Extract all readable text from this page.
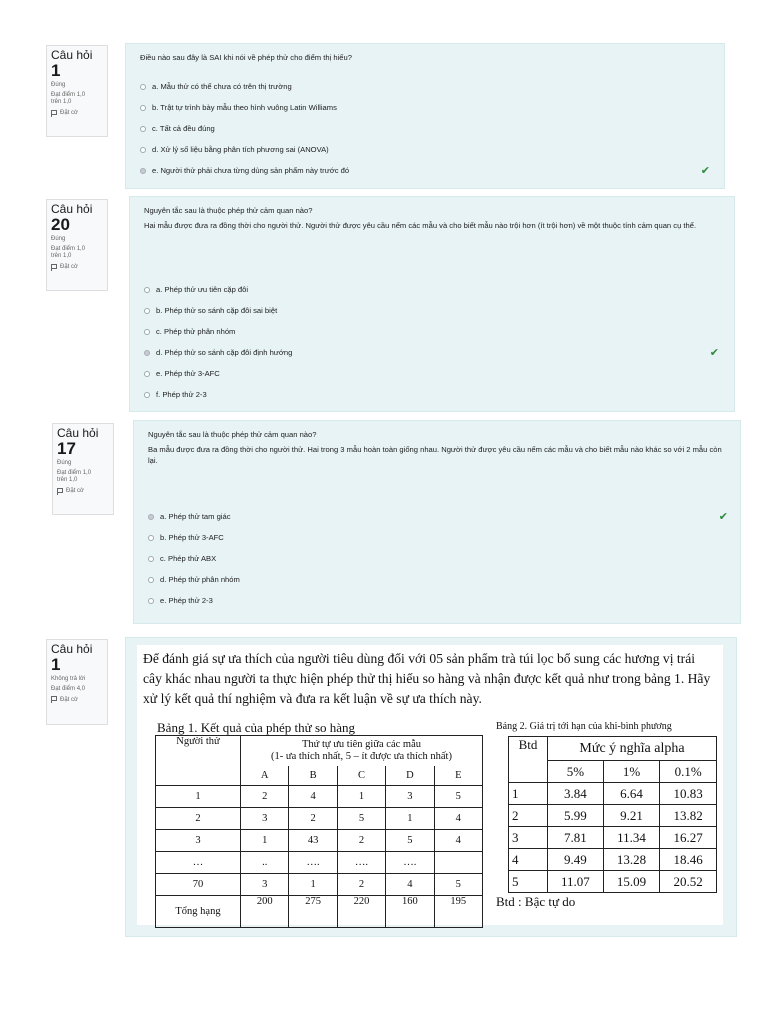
Câu hỏi
1
Đúng
Đạt điểm 1,0
trên 1,0
Đặt cờ

Điều nào sau đây là SAI khi nói về phép thử cho điểm thị hiếu?

a. Mẫu thử có thể chưa có trên thị trường
b. Trật tự trình bày mẫu theo hình vuông Latin Williams
c. Tất cả đều đúng
d. Xử lý số liệu bằng phân tích phương sai (ANOVA)
e. Người thử phải chưa từng dùng sản phẩm này trước đó	✔
Câu hỏi
20
Đúng
Đạt điểm 1,0
trên 1,0
Đặt cờ

Nguyên tắc sau là thuộc phép thử cảm quan nào?

Hai mẫu được đưa ra đồng thời cho người thử. Người thử được yêu cầu nếm các mẫu và cho biết mẫu nào trội hơn (ít trội hơn) về một thuộc tính cảm quan cụ thể.

a. Phép thử ưu tiên cặp đôi
b. Phép thử so sánh cặp đôi sai biệt
c. Phép thử phân nhóm
d. Phép thử so sánh cặp đôi định hướng	✔
e. Phép thử 3-AFC
f. Phép thử 2-3
Câu hỏi
17
Đúng
Đạt điểm 1,0
trên 1,0
Đặt cờ

Nguyên tắc sau là thuộc phép thử cảm quan nào?

Ba mẫu được đưa ra đồng thời cho người thử. Hai trong 3 mẫu hoàn toàn giống nhau. Người thử được yêu cầu nếm các mẫu và cho biết mẫu nào khác so với 2 mẫu còn lại.

a. Phép thử tam giác	✔
b. Phép thử 3-AFC
c. Phép thử ABX
d. Phép thử phân nhóm
e. Phép thử 2-3
Câu hỏi
1
Không trả lời
Đạt điểm 4,0
Đặt cờ

Để đánh giá sự ưa thích của người tiêu dùng đối với 05 sản phẩm trà túi lọc bổ sung các hương vị trái cây khác nhau người ta thực hiện phép thử thị hiếu so hàng và nhận được kết quả như trong bảng 1. Hãy xử lý kết quả thí nghiệm và đưa ra kết luận về sự ưa thích này.

Bảng 1. Kết quả của phép thử so hàng	Bảng 2. Giá trị tới hạn của khi-bình phương
Người thử	Thứ tự ưu tiên giữa các mẫu
(1- ưa thích nhất, 5 – ít được ưa thích nhất)				
	A	B	C	D	E
1	2	4	1	3	5
2	3	2	5	1	4
3	1	43	2	5	4
…	..	….	….	….	
70	3	1	2	4	5
Tổng hạng	200	275	220	160	195
Btd	Mức ý nghĩa alpha		
	5%	1%	0.1%
1	3.84	6.64	10.83
2	5.99	9.21	13.82
3	7.81	11.34	16.27
4	9.49	13.28	18.46
5	11.07	15.09	20.52
Btd : Bậc tự do
